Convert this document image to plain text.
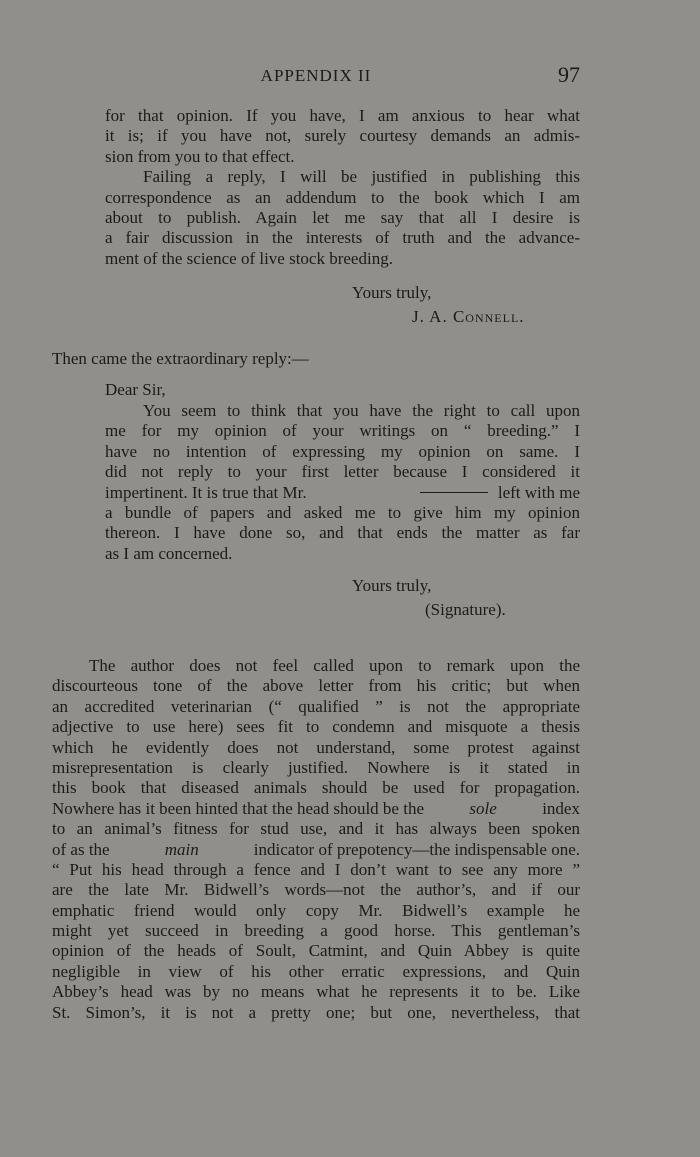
APPENDIX II	97
for that opinion. If you have, I am anxious to hear what
it is; if you have not, surely courtesy demands an admis-
sion from you to that effect.
Failing a reply, I will be justified in publishing this
correspondence as an addendum to the book which I am
about to publish. Again let me say that all I desire is
a fair discussion in the interests of truth and the advance-
ment of the science of live stock breeding.
Yours truly,
J. A. Connell.
Then came the extraordinary reply:—
Dear Sir,
You seem to think that you have the right to call upon
me for my opinion of your writings on “ breeding.” I
have no intention of expressing my opinion on same. I
did not reply to your first letter because I considered it
impertinent. It is true that Mr.	left with me
a bundle of papers and asked me to give him my opinion
thereon. I have done so, and that ends the matter as far
as I am concerned.
Yours truly,
(Signature).
The author does not feel called upon to remark upon the
discourteous tone of the above letter from his critic; but when
an accredited veterinarian (“ qualified ” is not the appropriate
adjective to use here) sees fit to condemn and misquote a thesis
which he evidently does not understand, some protest against
misrepresentation is clearly justified. Nowhere is it stated in
this book that diseased animals should be used for propagation.
Nowhere has it been hinted that the head should be the	sole	index
to an animal’s fitness for stud use, and it has always been spoken
of as the	main	indicator of prepotency—the indispensable one.
“ Put his head through a fence and I don’t want to see any more ”
are the late Mr. Bidwell’s words—not the author’s, and if our
emphatic friend would only copy Mr. Bidwell’s example he
might yet succeed in breeding a good horse. This gentleman’s
opinion of the heads of Soult, Catmint, and Quin Abbey is quite
negligible in view of his other erratic expressions, and Quin
Abbey’s head was by no means what he represents it to be. Like
St. Simon’s, it is not a pretty one; but one, nevertheless, that
